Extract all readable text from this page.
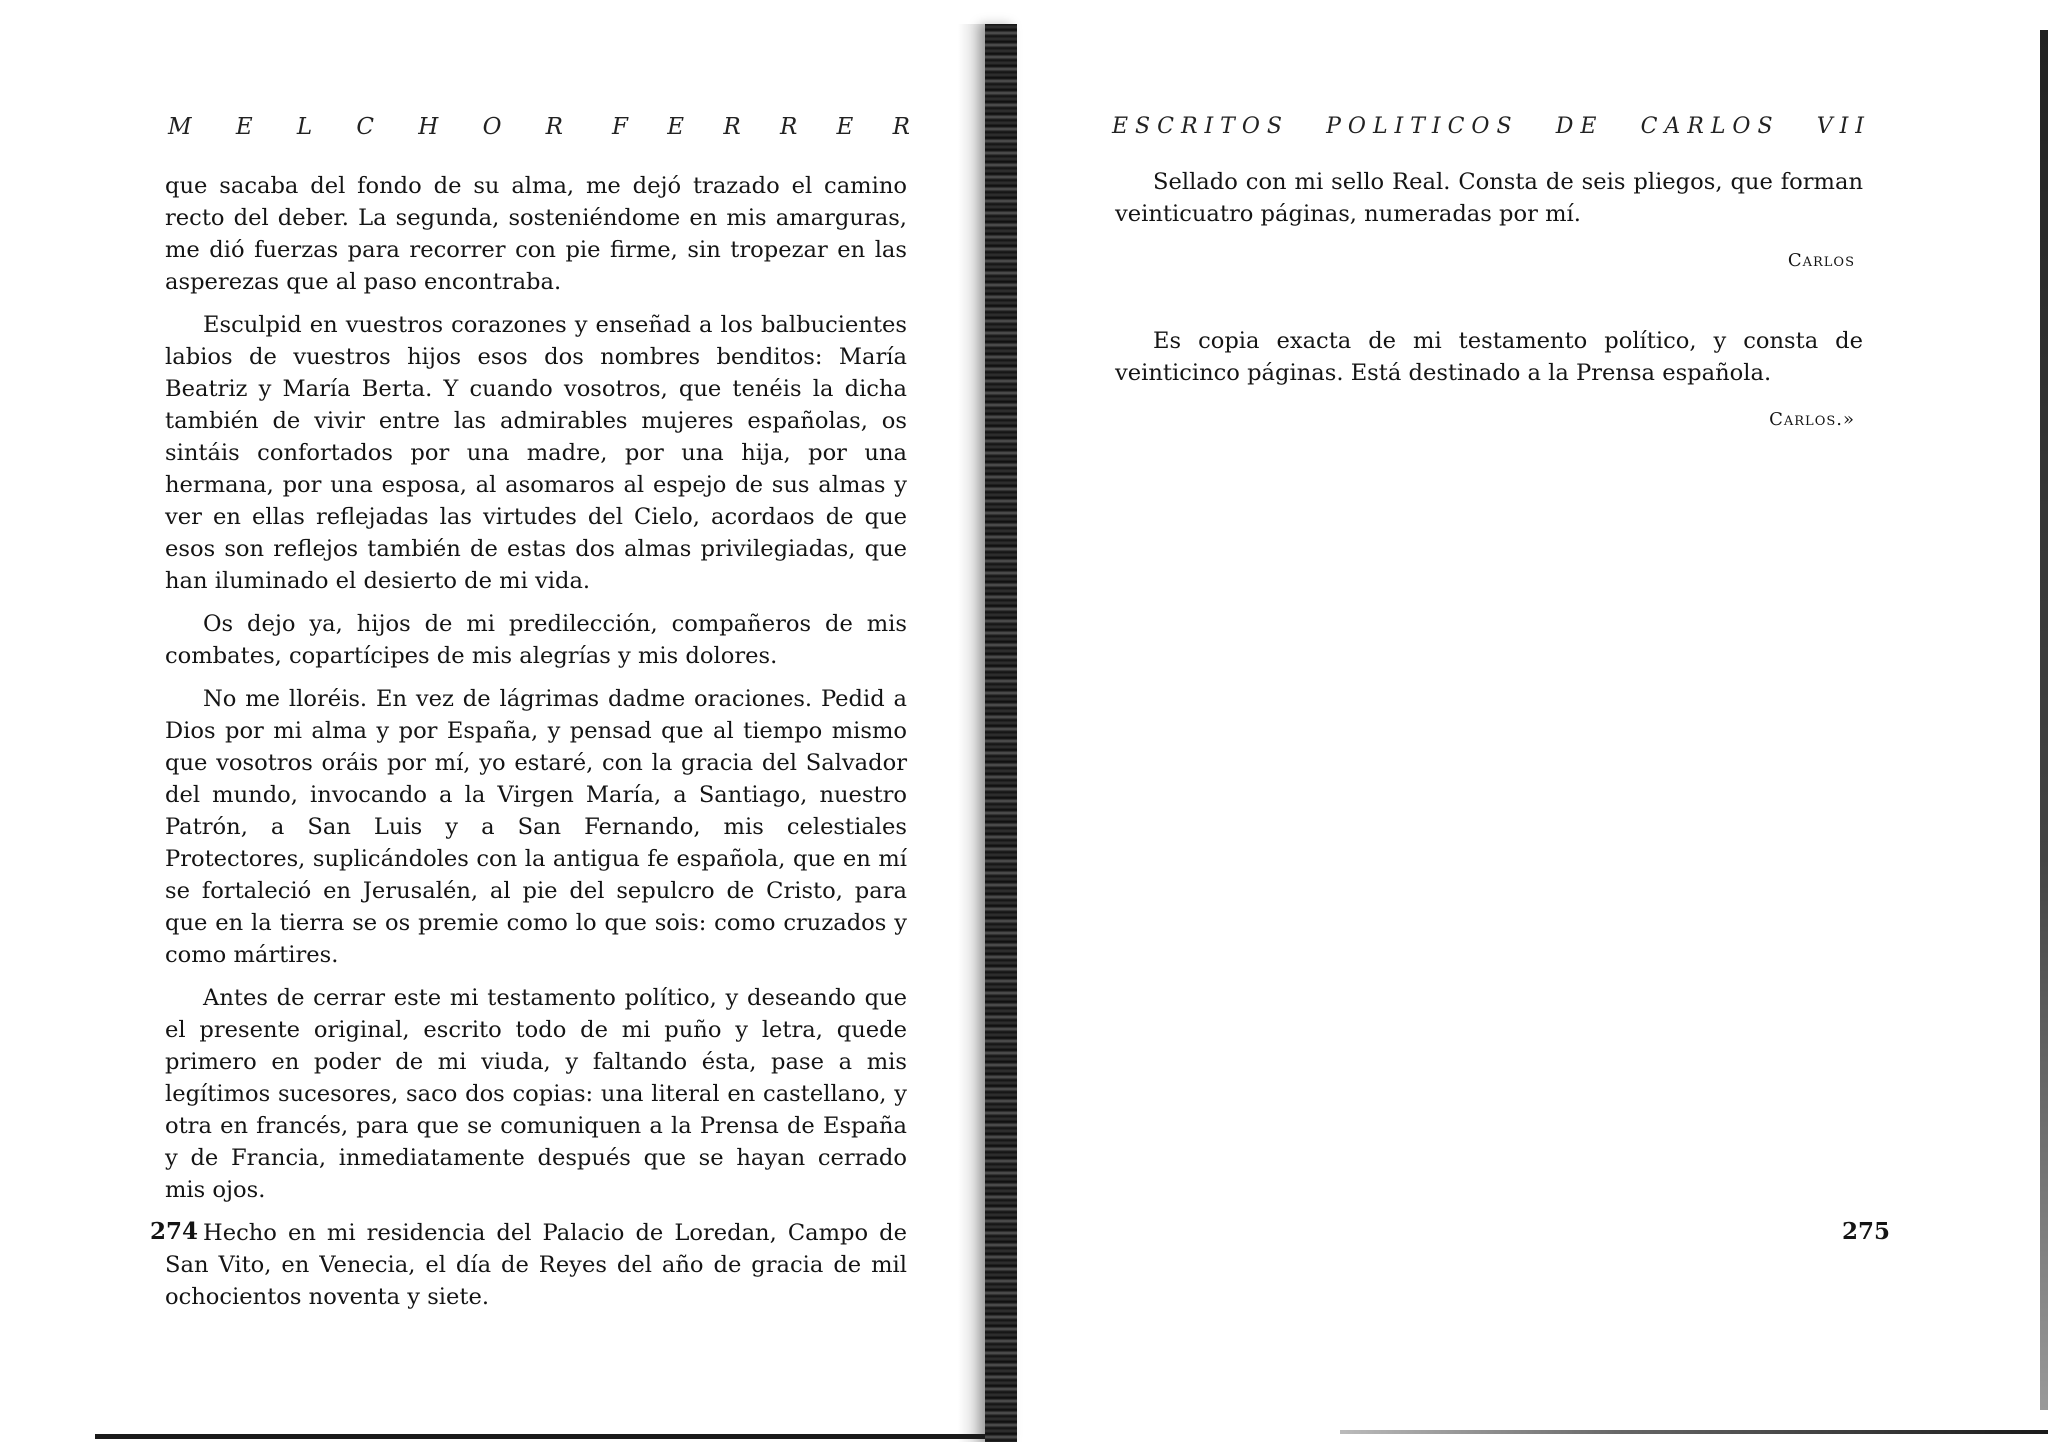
M E L C H O R F E R R E R

que sacaba del fondo de su alma, me dejó trazado el camino recto del deber. La segunda, sosteniéndome en mis amarguras, me dió fuerzas para recorrer con pie firme, sin tropezar en las asperezas que al paso encontraba.

Esculpid en vuestros corazones y enseñad a los balbucientes labios de vuestros hijos esos dos nombres benditos: María Beatriz y María Berta. Y cuando vosotros, que tenéis la dicha también de vivir entre las admirables mujeres españolas, os sintáis confortados por una madre, por una hija, por una hermana, por una esposa, al asomaros al espejo de sus almas y ver en ellas reflejadas las virtudes del Cielo, acordaos de que esos son reflejos también de estas dos almas privilegiadas, que han iluminado el desierto de mi vida.

Os dejo ya, hijos de mi predilección, compañeros de mis combates, copartícipes de mis alegrías y mis dolores.

No me lloréis. En vez de lágrimas dadme oraciones. Pedid a Dios por mi alma y por España, y pensad que al tiempo mismo que vosotros oráis por mí, yo estaré, con la gracia del Salvador del mundo, invocando a la Virgen María, a Santiago, nuestro Patrón, a San Luis y a San Fernando, mis celestiales Protectores, suplicándoles con la antigua fe española, que en mí se fortaleció en Jerusalén, al pie del sepulcro de Cristo, para que en la tierra se os premie como lo que sois: como cruzados y como mártires.

Antes de cerrar este mi testamento político, y deseando que el presente original, escrito todo de mi puño y letra, quede primero en poder de mi viuda, y faltando ésta, pase a mis legítimos sucesores, saco dos copias: una literal en castellano, y otra en francés, para que se comuniquen a la Prensa de España y de Francia, inmediatamente después que se hayan cerrado mis ojos.

Hecho en mi residencia del Palacio de Loredan, Campo de San Vito, en Venecia, el día de Reyes del año de gracia de mil ochocientos noventa y siete.

274

E S C R I T O S P O L I T I C O S D E C A R L O S V I I

Sellado con mi sello Real. Consta de seis pliegos, que forman veinticuatro páginas, numeradas por mí.

Carlos

Es copia exacta de mi testamento político, y consta de veinticinco páginas. Está destinado a la Prensa española.

Carlos.»

275
